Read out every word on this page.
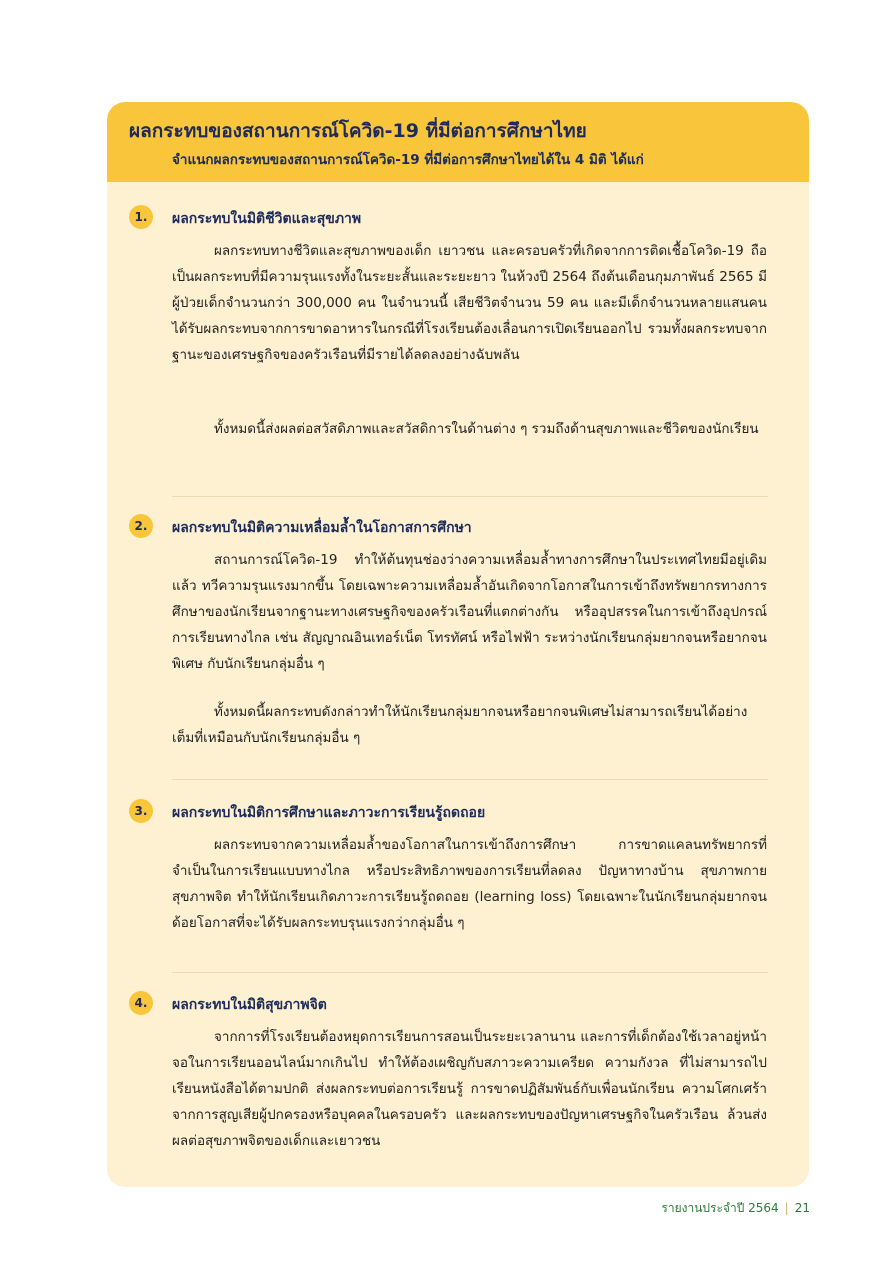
ผลกระทบของสถานการณ์โควิด-19 ที่มีต่อการศึกษาไทย
จำแนกผลกระทบของสถานการณ์โควิด-19 ที่มีต่อการศึกษาไทยได้ใน 4 มิติ ได้แก่
1.	ผลกระทบในมิติชีวิตและสุขภาพ

ผลกระทบทางชีวิตและสุขภาพของเด็ก เยาวชน และครอบครัวที่เกิดจากการติดเชื้อโควิด-19 ถือเป็นผลกระทบที่มีความรุนแรงทั้งในระยะสั้นและระยะยาว ในห้วงปี 2564 ถึงต้นเดือนกุมภาพันธ์ 2565 มีผู้ป่วยเด็กจำนวนกว่า 300,000 คน ในจำนวนนี้ เสียชีวิตจำนวน 59 คน และมีเด็กจำนวนหลายแสนคนได้รับผลกระทบจากการขาดอาหารในกรณีที่โรงเรียนต้องเลื่อนการเปิดเรียนออกไป รวมทั้งผลกระทบจากฐานะของเศรษฐกิจของครัวเรือนที่มีรายได้ลดลงอย่างฉับพลัน

ทั้งหมดนี้ส่งผลต่อสวัสดิภาพและสวัสดิการในด้านต่าง ๆ รวมถึงด้านสุขภาพและชีวิตของนักเรียน

2.	ผลกระทบในมิติความเหลื่อมล้ำในโอกาสการศึกษา

สถานการณ์โควิด-19 ทำให้ต้นทุนช่องว่างความเหลื่อมล้ำทางการศึกษาในประเทศไทยมีอยู่เดิมแล้ว ทวีความรุนแรงมากขึ้น โดยเฉพาะความเหลื่อมล้ำอันเกิดจากโอกาสในการเข้าถึงทรัพยากรทางการศึกษาของนักเรียนจากฐานะทางเศรษฐกิจของครัวเรือนที่แตกต่างกัน หรืออุปสรรคในการเข้าถึงอุปกรณ์การเรียนทางไกล เช่น สัญญาณอินเทอร์เน็ต โทรทัศน์ หรือไฟฟ้า ระหว่างนักเรียนกลุ่มยากจนหรือยากจนพิเศษ กับนักเรียนกลุ่มอื่น ๆ

ทั้งหมดนี้ผลกระทบดังกล่าวทำให้นักเรียนกลุ่มยากจนหรือยากจนพิเศษไม่สามารถเรียนได้อย่างเต็มที่เหมือนกับนักเรียนกลุ่มอื่น ๆ

3.	ผลกระทบในมิติการศึกษาและภาวะการเรียนรู้ถดถอย

ผลกระทบจากความเหลื่อมล้ำของโอกาสในการเข้าถึงการศึกษา การขาดแคลนทรัพยากรที่จำเป็นในการเรียนแบบทางไกล หรือประสิทธิภาพของการเรียนที่ลดลง ปัญหาทางบ้าน สุขภาพกาย สุขภาพจิต ทำให้นักเรียนเกิดภาวะการเรียนรู้ถดถอย (learning loss) โดยเฉพาะในนักเรียนกลุ่มยากจนด้อยโอกาสที่จะได้รับผลกระทบรุนแรงกว่ากลุ่มอื่น ๆ

4.	ผลกระทบในมิติสุขภาพจิต

จากการที่โรงเรียนต้องหยุดการเรียนการสอนเป็นระยะเวลานาน และการที่เด็กต้องใช้เวลาอยู่หน้าจอในการเรียนออนไลน์มากเกินไป ทำให้ต้องเผชิญกับสภาวะความเครียด ความกังวล ที่ไม่สามารถไปเรียนหนังสือได้ตามปกติ ส่งผลกระทบต่อการเรียนรู้ การขาดปฏิสัมพันธ์กับเพื่อนนักเรียน ความโศกเศร้าจากการสูญเสียผู้ปกครองหรือบุคคลในครอบครัว และผลกระทบของปัญหาเศรษฐกิจในครัวเรือน ล้วนส่งผลต่อสุขภาพจิตของเด็กและเยาวชน

รายงานประจำปี 2564 | 21
